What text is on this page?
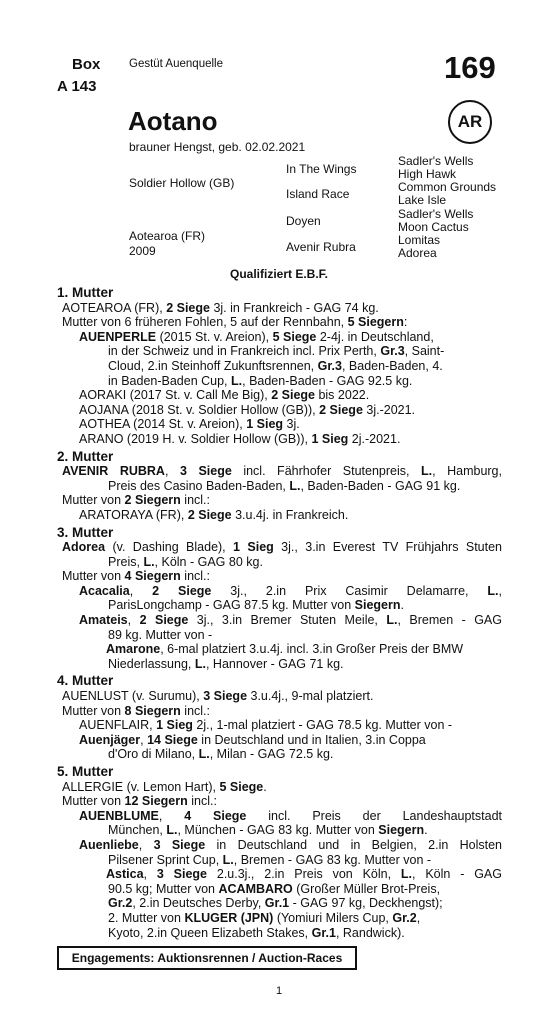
Box
A 143
Gestüt Auenquelle	169
Aotano	AR
brauner Hengst, geb. 02.02.2021
Soldier Hollow (GB)
Aotearoa (FR)
2009
In The Wings
Island Race
Doyen
Avenir Rubra
Sadler's Wells
High Hawk
Common Grounds
Lake Isle
Sadler's Wells
Moon Cactus
Lomitas
Adorea
Qualifiziert E.B.F.
1. Mutter
AOTEAROA (FR), 2 Siege 3j. in Frankreich - GAG 74 kg.
Mutter von 6 früheren Fohlen, 5 auf der Rennbahn, 5 Siegern:
AUENPERLE (2015 St. v. Areion), 5 Siege 2-4j. in Deutschland,
in der Schweiz und in Frankreich incl. Prix Perth, Gr.3, Saint-
Cloud, 2.in Steinhoff Zukunftsrennen, Gr.3, Baden-Baden, 4.
in Baden-Baden Cup, L., Baden-Baden - GAG 92.5 kg.
AORAKI (2017 St. v. Call Me Big), 2 Siege bis 2022.
AOJANA (2018 St. v. Soldier Hollow (GB)), 2 Siege 3j.-2021.
AOTHEA (2014 St. v. Areion), 1 Sieg 3j.
ARANO (2019 H. v. Soldier Hollow (GB)), 1 Sieg 2j.-2021.
2. Mutter
AVENIR RUBRA, 3 Siege incl. Fährhofer Stutenpreis, L., Hamburg,
Preis des Casino Baden-Baden, L., Baden-Baden - GAG 91 kg.
Mutter von 2 Siegern incl.:
ARATORAYA (FR), 2 Siege 3.u.4j. in Frankreich.
3. Mutter
Adorea (v. Dashing Blade), 1 Sieg 3j., 3.in Everest TV Frühjahrs Stuten
Preis, L., Köln - GAG 80 kg.
Mutter von 4 Siegern incl.:
Acacalia, 2 Siege 3j., 2.in Prix Casimir Delamarre, L.,
ParisLongchamp - GAG 87.5 kg. Mutter von Siegern.
Amateis, 2 Siege 3j., 3.in Bremer Stuten Meile, L., Bremen - GAG
89 kg. Mutter von -
Amarone, 6-mal platziert 3.u.4j. incl. 3.in Großer Preis der BMW
Niederlassung, L., Hannover - GAG 71 kg.
4. Mutter
AUENLUST (v. Surumu), 3 Siege 3.u.4j., 9-mal platziert.
Mutter von 8 Siegern incl.:
AUENFLAIR, 1 Sieg 2j., 1-mal platziert - GAG 78.5 kg. Mutter von -
Auenjäger, 14 Siege in Deutschland und in Italien, 3.in Coppa
d'Oro di Milano, L., Milan - GAG 72.5 kg.
5. Mutter
ALLERGIE (v. Lemon Hart), 5 Siege.
Mutter von 12 Siegern incl.:
AUENBLUME, 4 Siege incl. Preis der Landeshauptstadt
München, L., München - GAG 83 kg. Mutter von Siegern.
Auenliebe, 3 Siege in Deutschland und in Belgien, 2.in Holsten
Pilsener Sprint Cup, L., Bremen - GAG 83 kg. Mutter von -
Astica, 3 Siege 2.u.3j., 2.in Preis von Köln, L., Köln - GAG
90.5 kg; Mutter von ACAMBARO (Großer Müller Brot-Preis,
Gr.2, 2.in Deutsches Derby, Gr.1 - GAG 97 kg, Deckhengst);
2. Mutter von KLUGER (JPN) (Yomiuri Milers Cup, Gr.2,
Kyoto, 2.in Queen Elizabeth Stakes, Gr.1, Randwick).
Engagements: Auktionsrennen / Auction-Races
1
